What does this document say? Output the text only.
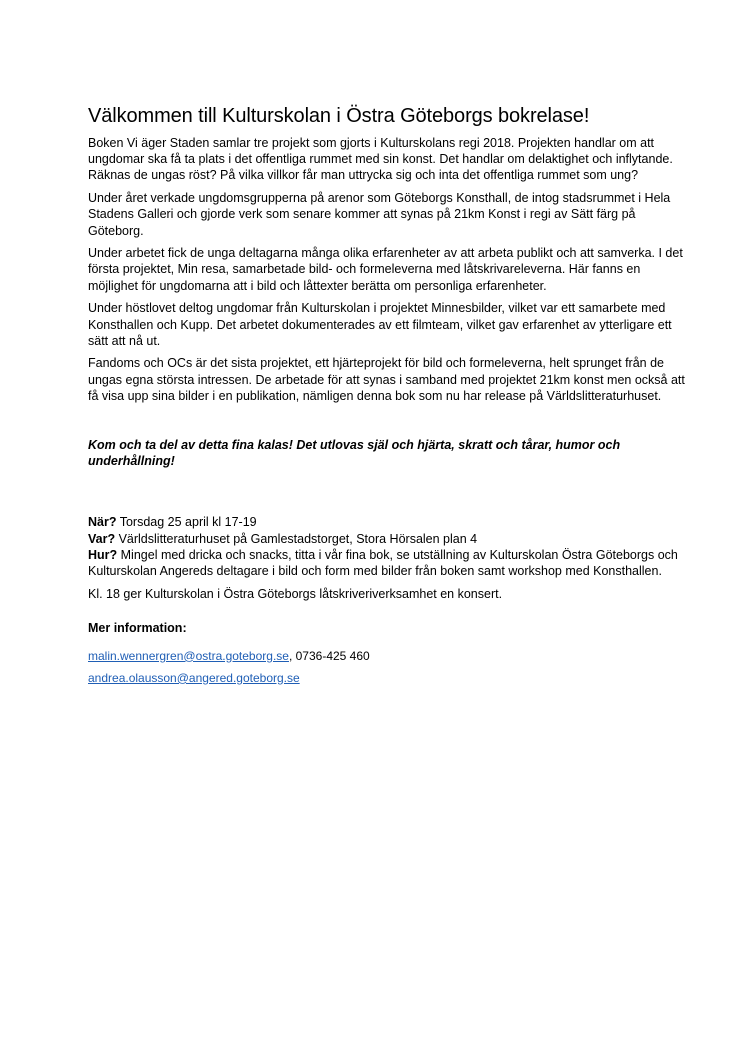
Välkommen till Kulturskolan i Östra Göteborgs bokrelase!

Boken Vi äger Staden samlar tre projekt som gjorts i Kulturskolans regi 2018. Projekten handlar om att ungdomar ska få ta plats i det offentliga rummet med sin konst. Det handlar om delaktighet och inflytande. Räknas de ungas röst? På vilka villkor får man uttrycka sig och inta det offentliga rummet som ung?

Under året verkade ungdomsgrupperna på arenor som Göteborgs Konsthall, de intog stadsrummet i Hela Stadens Galleri och gjorde verk som senare kommer att synas på 21km Konst i regi av Sätt färg på Göteborg.

Under arbetet fick de unga deltagarna många olika erfarenheter av att arbeta publikt och att samverka. I det första projektet, Min resa, samarbetade bild- och formeleverna med låtskrivareleverna. Här fanns en möjlighet för ungdomarna att i bild och låttexter berätta om personliga erfarenheter.

Under höstlovet deltog ungdomar från Kulturskolan i projektet Minnesbilder, vilket var ett samarbete med Konsthallen och Kupp. Det arbetet dokumenterades av ett filmteam, vilket gav erfarenhet av ytterligare ett sätt att nå ut.

Fandoms och OCs är det sista projektet, ett hjärteprojekt för bild och formeleverna, helt sprunget från de ungas egna största intressen. De arbetade för att synas i samband med projektet 21km konst men också att få visa upp sina bilder i en publikation, nämligen denna bok som nu har release på Världslitteraturhuset.

Kom och ta del av detta fina kalas! Det utlovas själ och hjärta, skratt och tårar, humor och underhållning!

När? Torsdag 25 april kl 17-19
Var? Världslitteraturhuset på Gamlestadstorget, Stora Hörsalen plan 4
Hur? Mingel med dricka och snacks, titta i vår fina bok, se utställning av Kulturskolan Östra Göteborgs och Kulturskolan Angereds deltagare i bild och form med bilder från boken samt workshop med Konsthallen.

Kl. 18 ger Kulturskolan i Östra Göteborgs låtskriveriverksamhet en konsert.

Mer information:

malin.wennergren@ostra.goteborg.se, 0736-425 460

andrea.olausson@angered.goteborg.se
